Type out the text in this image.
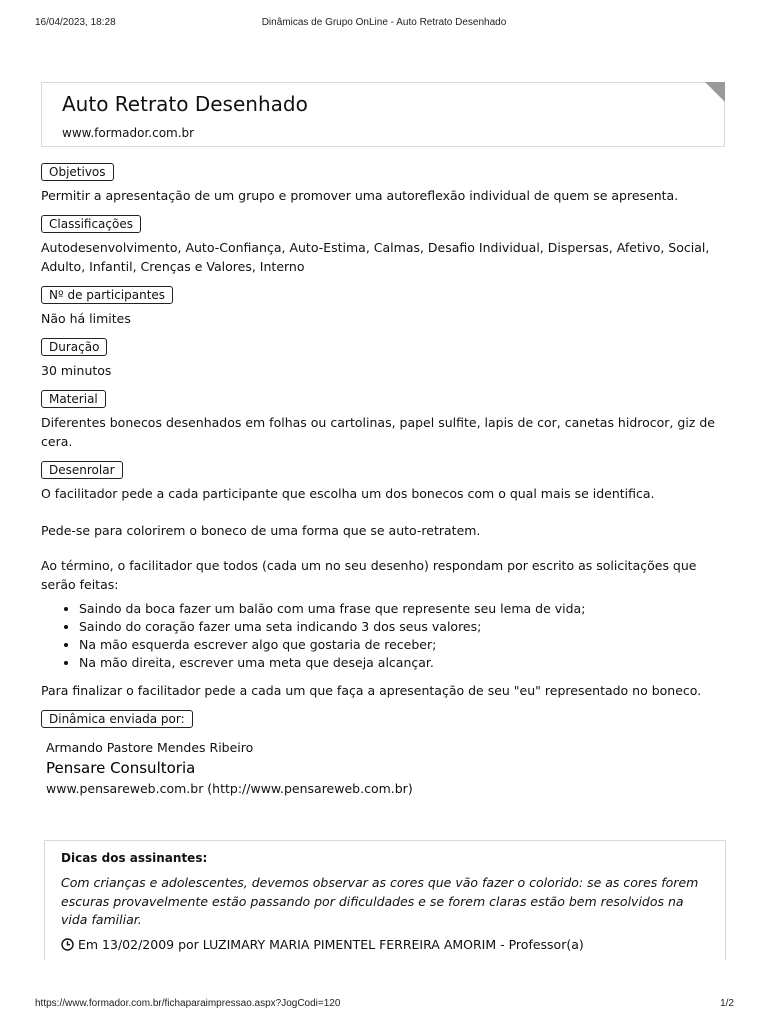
16/04/2023, 18:28	Dinâmicas de Grupo OnLine - Auto Retrato Desenhado
Auto Retrato Desenhado
www.formador.com.br
Objetivos

Permitir a apresentação de um grupo e promover uma autoreflexão individual de quem se apresenta.

Classificações

Autodesenvolvimento, Auto-Confiança, Auto-Estima, Calmas, Desafio Individual, Dispersas, Afetivo, Social, Adulto, Infantil, Crenças e Valores, Interno

Nº de participantes

Não há limites

Duração

30 minutos

Material

Diferentes bonecos desenhados em folhas ou cartolinas, papel sulfite, lapis de cor, canetas hidrocor, giz de cera.

Desenrolar

O facilitador pede a cada participante que escolha um dos bonecos com o qual mais se identifica.

Pede-se para colorirem o boneco de uma forma que se auto-retratem.

Ao término, o facilitador que todos (cada um no seu desenho) respondam por escrito as solicitações que serão feitas:

• Saindo da boca fazer um balão com uma frase que represente seu lema de vida;
• Saindo do coração fazer uma seta indicando 3 dos seus valores;
• Na mão esquerda escrever algo que gostaria de receber;
• Na mão direita, escrever uma meta que deseja alcançar.

Para finalizar o facilitador pede a cada um que faça a apresentação de seu "eu" representado no boneco.

Dinâmica enviada por:
Armando Pastore Mendes Ribeiro
Pensare Consultoria
www.pensareweb.com.br (http://www.pensareweb.com.br)
Dicas dos assinantes:
Com crianças e adolescentes, devemos observar as cores que vão fazer o colorido: se as cores forem escuras provavelmente estão passando por dificuldades e se forem claras estão bem resolvidos na vida familiar.
Em 13/02/2009 por LUZIMARY MARIA PIMENTEL FERREIRA AMORIM - Professor(a)
https://www.formador.com.br/fichaparaimpressao.aspx?JogCodi=120	1/2
